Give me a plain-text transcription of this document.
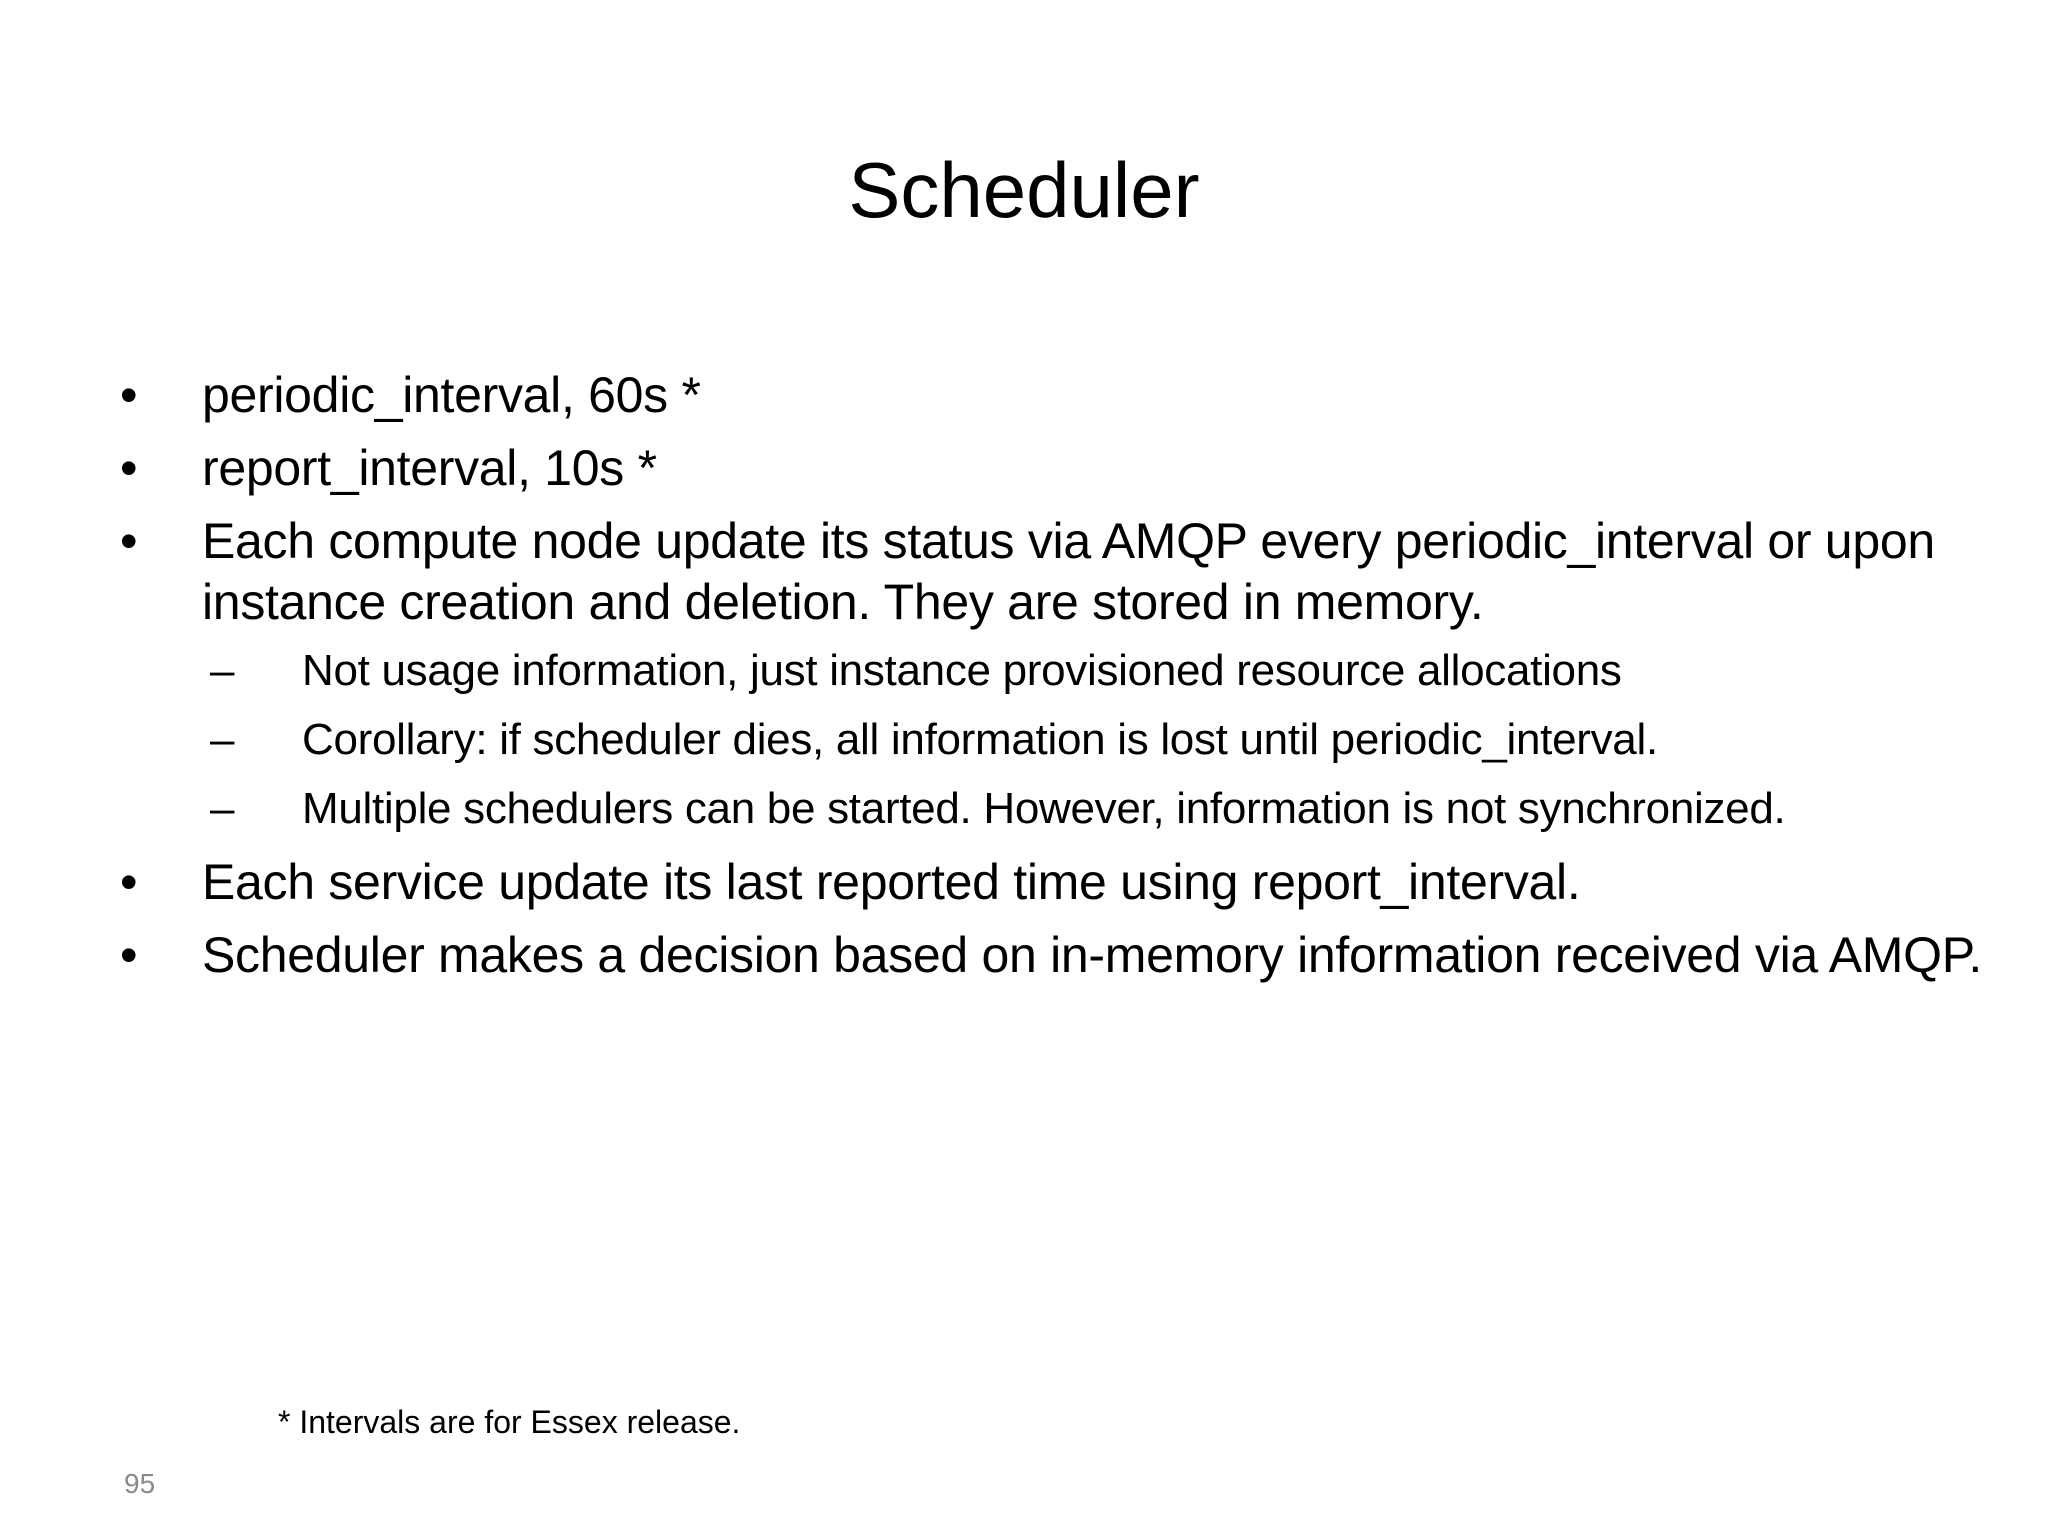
Scheduler
•	periodic_interval, 60s *
•	report_interval, 10s *
•	Each compute node update its status via AMQP every periodic_interval or upon instance creation and deletion. They are stored in memory.
– Not usage information, just instance provisioned resource allocations
– Corollary: if scheduler dies, all information is lost until periodic_interval.
– Multiple schedulers can be started. However, information is not synchronized.
•	Each service update its last reported time using report_interval.
•	Scheduler makes a decision based on in-memory information received via AMQP.
* Intervals are for Essex release.
95
